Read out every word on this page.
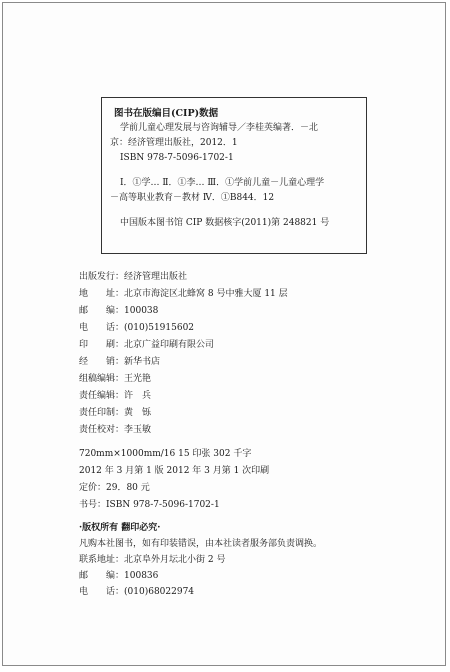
图书在版编目(CIP)数据
学前儿童心理发展与咨询辅导／李桂英编著．－北
京：经济管理出版社，2012．1
ISBN 978-7-5096-1702-1
Ⅰ．①学… Ⅱ．①李… Ⅲ．①学前儿童－儿童心理学
－高等职业教育－教材 Ⅳ．①B844．12
中国版本图书馆 CIP 数据核字(2011)第 248821 号
出版发行：经济管理出版社
地　　址：北京市海淀区北蜂窝 8 号中雅大厦 11 层
邮　　编：100038
电　　话：(010)51915602
印　　刷：北京广益印刷有限公司
经　　销：新华书店
组稿编辑：王光艳
责任编辑：许　兵
责任印制：黄　铄
责任校对：李玉敏
720mm×1000mm/16 15 印张 302 千字
2012 年 3 月第 1 版 2012 年 3 月第 1 次印刷
定价：29．80 元
书号：ISBN 978-7-5096-1702-1
·版权所有 翻印必究·
凡购本社图书，如有印装错误，由本社读者服务部负责调换。
联系地址：北京阜外月坛北小街 2 号
邮　　编：100836
电　　话：(010)68022974
